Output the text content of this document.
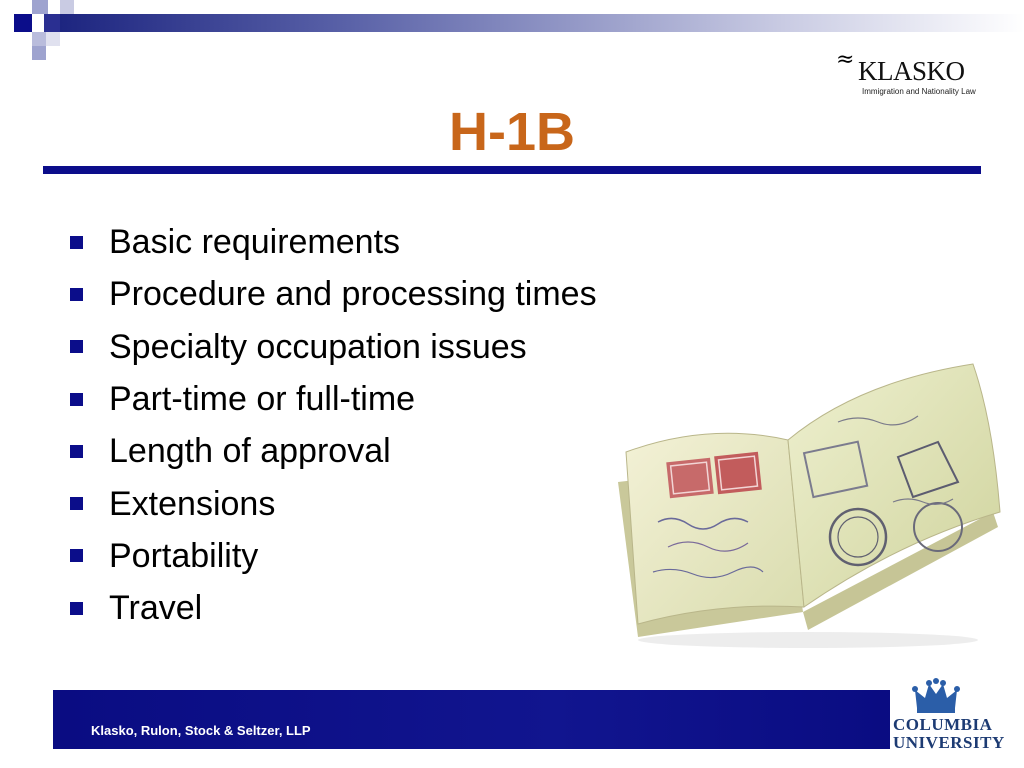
≈ KLASKO
Immigration and Nationality Law
H-1B
Basic requirements
Procedure and processing times
Specialty occupation issues
Part-time or full-time
Length of approval
Extensions
Portability
Travel
Klasko, Rulon, Stock & Seltzer, LLP	COLUMBIA
UNIVERSITY
